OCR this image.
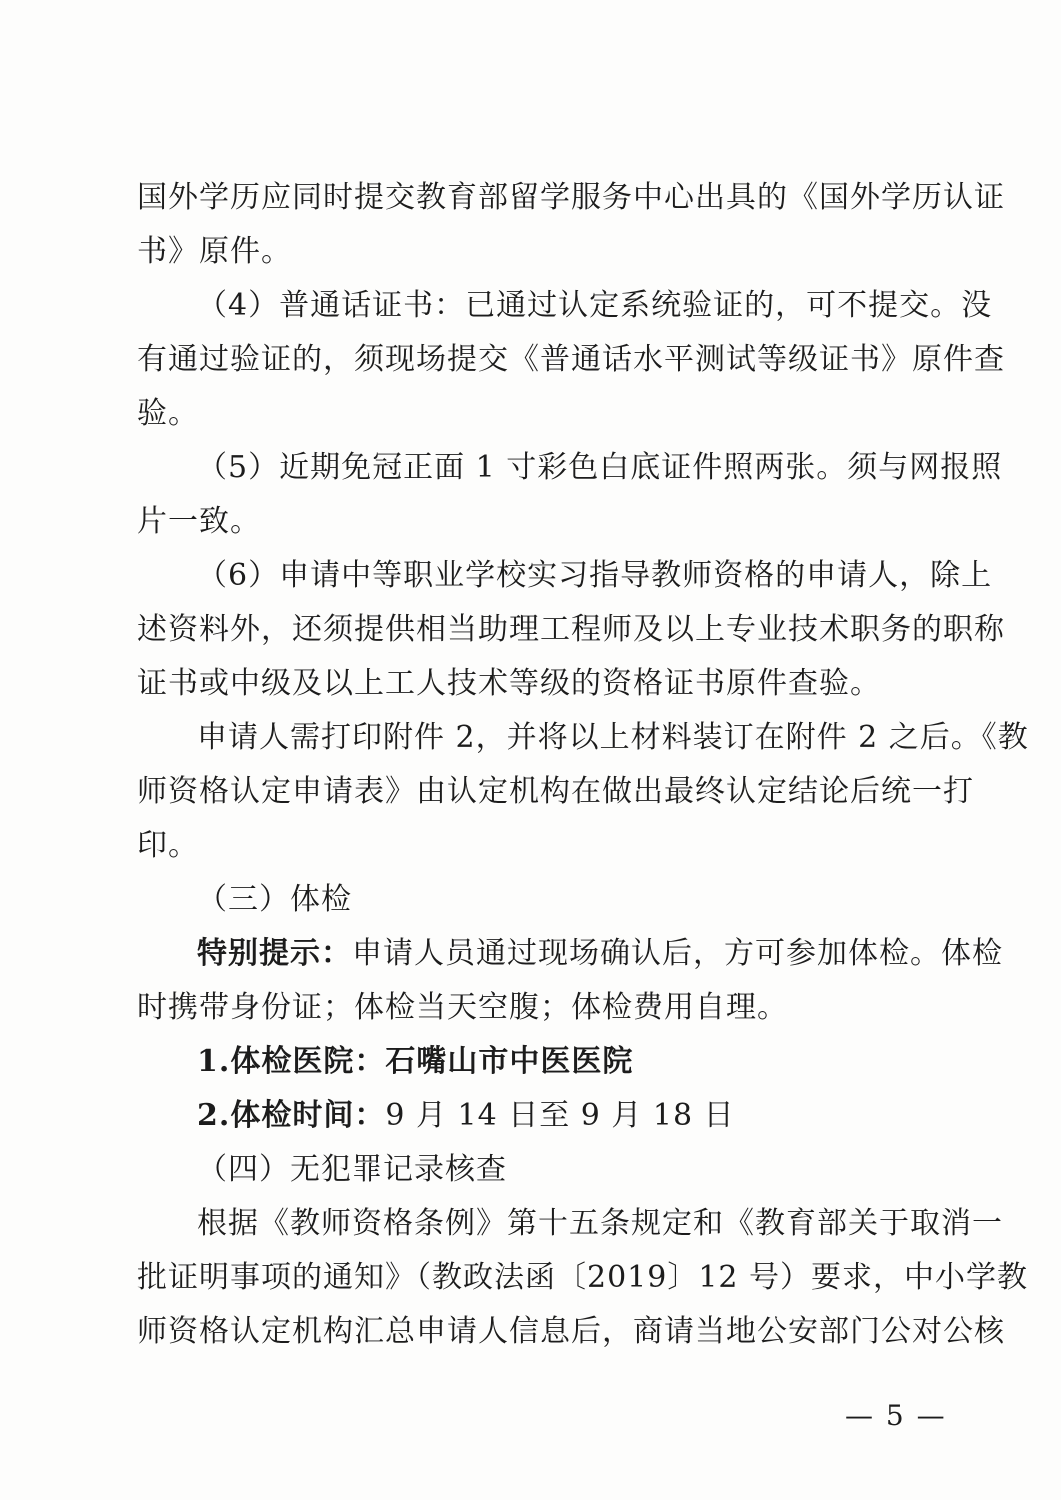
国外学历应同时提交教育部留学服务中心出具的《国外学历认证
书》原件。
（4）普通话证书：已通过认定系统验证的，可不提交。没
有通过验证的，须现场提交《普通话水平测试等级证书》原件查
验。
（5）近期免冠正面 1 寸彩色白底证件照两张。须与网报照
片一致。
（6）申请中等职业学校实习指导教师资格的申请人，除上
述资料外，还须提供相当助理工程师及以上专业技术职务的职称
证书或中级及以上工人技术等级的资格证书原件查验。
申请人需打印附件 2，并将以上材料装订在附件 2 之后。《教
师资格认定申请表》由认定机构在做出最终认定结论后统一打
印。
（三）体检
特别提示：申请人员通过现场确认后，方可参加体检。体检
时携带身份证；体检当天空腹；体检费用自理。
1.体检医院：石嘴山市中医医院
2.体检时间：9 月 14 日至 9 月 18 日
（四）无犯罪记录核查
根据《教师资格条例》第十五条规定和《教育部关于取消一
批证明事项的通知》（教政法函〔2019〕12 号）要求，中小学教
师资格认定机构汇总申请人信息后，商请当地公安部门公对公核
— 5 —
